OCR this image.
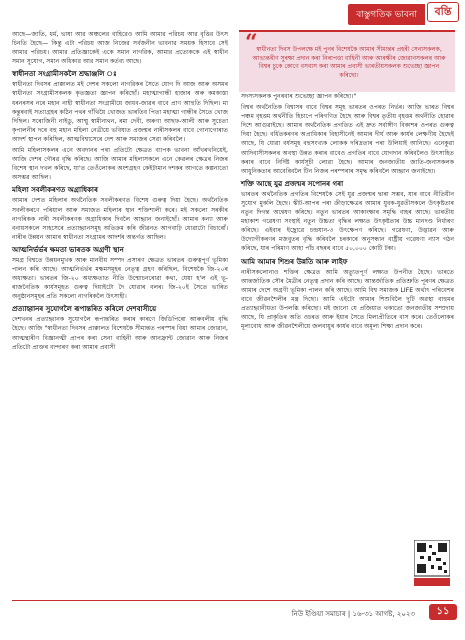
বাস্তুগতিক ভাবনা	বন্তি

আছে—জাতি, ধর্ম, ভাষা আর অঞ্চলের বাহিরেও আমি আমার পরিচয় আর বৃত্তির উৎস চিনতি হৈছে— কিন্তু এটা পরিচয় আজ নিজের সর্বজনীন ভাবনার সময়ক হিসাবে সেই আমার পরিচয়। আমার প্রতিজ্ঞাকেই একে সমান নাগরিক, আমার প্রত্যেককে এই স্বাধীন সমান সুযোগ, সমান অধিকার আর সমান কর্তব্য আছে।

স্বাধীনতা সংগ্রামীসকলৈ শ্রদ্ধাঞ্জলি ঃ

স্বাধীনতা দিবসৰ প্ৰাক্কালত মই দেশৰ সকলো নাগরিকৰ সৈতে যোগ দি আজ আৰু অসমৰ স্বাধীনতা সংগ্রামীসকলক কৃতজ্ঞতা জ্ঞাপন কৰিছোঁ। মহাত্মাগান্ধী হাজাৰ অৰু কমকাস্তা ধৰনৰসৰ নৰে মহান নাহী স্বাধীনতা সংগ্রামীয়ে জাধব-জাৱৰ বাবে প্রাণ আহুতি দিছিল। মা কন্তুৰবাই সত্যাগ্ৰহৰ কঠিন পথৰ গাঁথিয়ৈ খোজত ভাৰতিব পিতা মহাত্মা গান্ধীৰ সৈতে খোজ দিছিল। সৰোজিনী নাইডু, আম্মু স্বামীনাথন, ৰমা দেবী, অৰুণা আছফ-আলী আৰু সুচেতা কৃপালনীৰ দৰে বহু মহান মহিলা নেত্ৰীয়ে ভবিষ্যত প্ৰজন্মৰ নাৰীসকলৰ বাবে গোনাগোৰাত আদর্শ স্থাপন কৰিছিল, আত্মবিশ্বাসেৰে দেশ আৰু সমাজৰ সেৱা কৰিবলৈ।

আমি মহিলাসকলৰ এনে অবদানৰ পৰা প্ৰতিটো ক্ষেত্ৰত ব্যাপক ভাবনা আঁখৰখনিয়েই, আজি দেশৰ গৌৰৱ বৃদ্ধি কৰিছে। আজি আমাৰ মহিলাসকলে এনে কেৱলৰ ক্ষেত্ৰৰ নিজৰ বিশেষ স্থান দখল কৰিছে, যা'ত তেওঁলোকৰ অংশগ্ৰহণ কেইটামান দশকৰ আগতে কল্পনাতো অসম্ভৱ আছিল।

মহিলা সবলীকৰণত অগ্রাধিকাৰ

আমাৰ দেশত মহিলাৰ অৰ্থনৈতিক সবলীকৰণত বিশেষ গুৰুত্ব দিয়া হৈছে। অৰ্থনৈতিক সবলীকৰণে পৰিয়াল আৰু সমাজত মহিলাৰ স্থান শক্তিশালী কৰে। মই সকলো সৰকীৰ নাগৰিকক নাৰী সবলীকৰণক অগ্রাধিকাৰ দিবলৈ আহ্বান জনাইছোঁ। আমাৰ কন্যা আৰু বনায়সকলে সাহসেৰে প্ৰত্যাহ্বানসমূহ অতিক্ৰম কৰি জীৱনত আগবাঢ়ি যোৱাটো বিচাৰোঁ। নাৰীৰ উন্নয়ন আমাৰ স্বাধীনতা সংগ্ৰামৰ আদর্শৰ অন্তৰ্গত আছিল।

আত্মনিৰ্ভৰ্ভৰ ক্ষমতা ভাৰতক অগ্রণী স্থান

সমগ্র বিশ্বতে উন্নয়নমুখক আৰু মানবীয় সম্পদ প্ৰসাৰণ ক্ষেত্ৰত ভাৰতৰ গুৰুত্বপূৰ্ণ ভূমিকা পালন কৰি আছে। আত্মনিৰ্ভৰ্ভৰ মক্ষমসমূহৰ নেতৃত্ব গ্ৰহণ কৰিছিল, বিশেষকৈ জি-২০ৰ অধ্যক্ষতা। ভাৰতৰ জি-২০ অধ্যক্ষতাত নীতি উন্মোচনৰোৱা কথা, যেয়া হ'ল এই ভূ-ৰাজনৈতিক কার্যসমূহত গুৰুত্ব দিয়াইটো দৈ যোৱাৰ বলৰ। জি-২০ই সৈতে ভাৰিত অনুষ্ঠানসমূহৰ প্ৰতি সকলো নাগৰিকলৈ উৎসাহী।

প্রত্যাহ্বানৰ সুযোগলৈ ৰূপান্তৰিত কৰিলে দেশবাসীয়ে

দেশখনৰ প্ৰত্যাহ্বানক সুযোগলৈ ৰূপান্তৰিত কৰাৰ কাৰণে জিডিপিৰো আৰুবলীয় বৃদ্ধি হৈছে। আজি "স্বাধীনতা দিবসৰ প্ৰাক্কালত বিশেষকৈ সীমান্তত পৰস্পৰ বিয়া আমাৰ জোৱান, আত্মন্থ্যৰীণ বিজ্ঞানত্মী প্ৰাপৰ কৰা সেনা বাহিনী আৰু আনফ্ৰান্ট জোৱান আৰু নিজৰ প্ৰতিটো প্ৰাক্তৰ ব্যন্দাৰণ কৰা আমাৰ প্ৰবাসী

“
স্বাধীনতা দিবস উপলক্ষে মই পুনৰ বিশেষকৈ আমাৰ সীমান্তৰ প্ৰহৰী সেনাসকলক, আভ্যন্তৰীণ সুৰক্ষা প্ৰদান কৰা নিৰাপত্তা বাহিনী আৰু আৰক্ষীৰ জোৱানসকলৰ আৰু বিশ্বৰ চুকে কোণে বসবাস কৰা আমাৰ প্ৰবাসী ভাৰতীয়সকলক শুভেচ্ছা জ্ঞাপন কৰিছো।

সদস্যসকলক পুনৰবাৰ শুভেচ্ছা জ্ঞাপন কৰিছো।"

বিশ্বৰ অৰ্থনৈতিক বিশ্বাসৰ বাবে বিশ্বৰ সমূহ ভাৰতৰ ওপৰত নিৰ্ভৰ। আজি ভাৰত বিশ্বৰ পঞ্চম বৃহত্তম অৰ্থনীতি হিচাপে পৰিগণিত হৈছে আৰু বিশ্বৰ তৃতীয় বৃহত্তম অৰ্থনীতি হোৱাৰ দিশে আগুৱাইছে। আমাৰ অৰ্থনৈতিক প্ৰগতিত এই দ্ৰুত সৰ্বাঙ্গীণ বিকাশৰ ওপৰত গুৰুত্ব দিয়া হৈছে। বৰ্ধিতকৰণৰ অপ্ৰাধিকাৰ বিহাসীনেই আমাৰ দীৰ্ঘ আৰু কাৰ্যৰ লেক্ষণীয় হৈছেই আছে, যি যোৱা বৰ্ষসমূহ বহুসংখ্যক লোকক দৰিদ্ৰতাৰ পৰা উলিয়াই আনিছে। এনেকুৱা আদিবাসীসকলৰ অবস্থা উন্নত কৰাৰ বাবেও প্ৰগতিৰ বাবে যোগদান কৰিবলৈও উৎসাহিত কৰাৰ বাবে নিৰ্দিষ্ট কাৰ্যসূচী লোৱা হৈছে। আমাৰ জনজাতীয় জাতি-জনাসকলক আধুনিকতাৰ আবেৰিবলৈ টিন নিজৰ পৰম্পৰাৰ সমৃদ্ধ কৰিবলৈ আহ্বান জনাইছো।

শক্তি আছে যুৱ প্ৰজন্মৰ সপোনৰ গৰা

ভাৰতৰ অৰ্থনৈতিক প্ৰগতিৰ বিশেষকৈ সেই যুৱ প্ৰজন্মৰ দ্বাৰা সম্ভব, যাৰ বাবে নীতিয়ীন সুযোগ মুকলি হৈছে। স্কীট-আপৰ পৰা ক্ৰীড়াক্ষেত্ৰৰ আমাৰ যুবক-যুৱতীসকলে উৎকৃষ্টতাৰ নতুন দিগন্ত অন্বেষণ কৰিছে। নতুন ভাৰতৰ আকাংক্ষাৰ সমৃদ্ধি বাহৰ আছে। ভাৰতীয় মহাকাশ গৱেষণা সংস্থাই নতুন উচ্চতা বৃদ্ধিৰ লক্ষ্যত উৎকৃষ্টতাৰ উচ্চ মানদণ্ড নিৰ্ধাৰণ কৰিছে। এইবাৰ ইছ্ৰোৱে চন্দ্ৰযান-৩ উৎক্ষেপণ কৰিছে। গৱেষণা, উদ্ভাৱন আৰু উদ্যোগীকৰণৰ মজবুতৰ বৃদ্ধি কৰিবলৈ চৰকাৰে অনুসন্ধান বাষ্ট্ৰীয় গৱেষণা ন্যাস গঠন কৰিছে, যাৰ পৰিমাণ আহা পাঁচ বছৰৰ বাবে ৫০,০০০ কোটি টকা।

আমি আমাৰ শিশুৰ উন্নতি আৰু লাইফ

নাৰীসকলোনাও শক্তিৰ ক্ষেত্ৰত আমি অত্যুতপূৰ্ণ লক্ষ্যত উপনীত হৈছে। ভাৰতে আন্তৰ্জাতিক সৌৰ মৈত্ৰীৰ নেতৃত্ব প্ৰদান কৰি আছে। আন্তৰ্জাতিক প্ৰতিশ্ৰুতি পূৰণৰ ক্ষেত্ৰত আমাৰ দেশে অগ্ৰণী ভূমিকা পালন কৰি আছে। আমি বিশ্ব সমাজক LIFE অৰ্থাৎ পৰিবেশৰ বাবে জীৱনশৈলীৰ মন্ত্ৰ দিছো। আমি এইটো আমাৰ শিশুবিলৈ দুটি অৱস্থা বাহুমৰ প্ৰত্যাহ্বানীয়তা উপলব্ধি কৰিছো। মই জানো যে প্ৰজিয়াত থকাতো জনজাতীয় সম্প্ৰদায় আছে, যি প্ৰাকৃতিৰ অতি ওচৰত আৰু ইয়াৰ সৈতে মিলাপ্ৰীতিৰে বাস কৰে। তেওঁলোকৰ মূল্যবোধ আৰু জীৱনশৈলীয়ে জলবায়ুৰ কাৰ্যৰ বাবে অমূল্য শিক্ষা প্ৰদান কৰে।

নিউ ইণ্ডিয়া সমাচাৰ | ১৬-৩১ আগষ্ট, ২০২৩	১১
